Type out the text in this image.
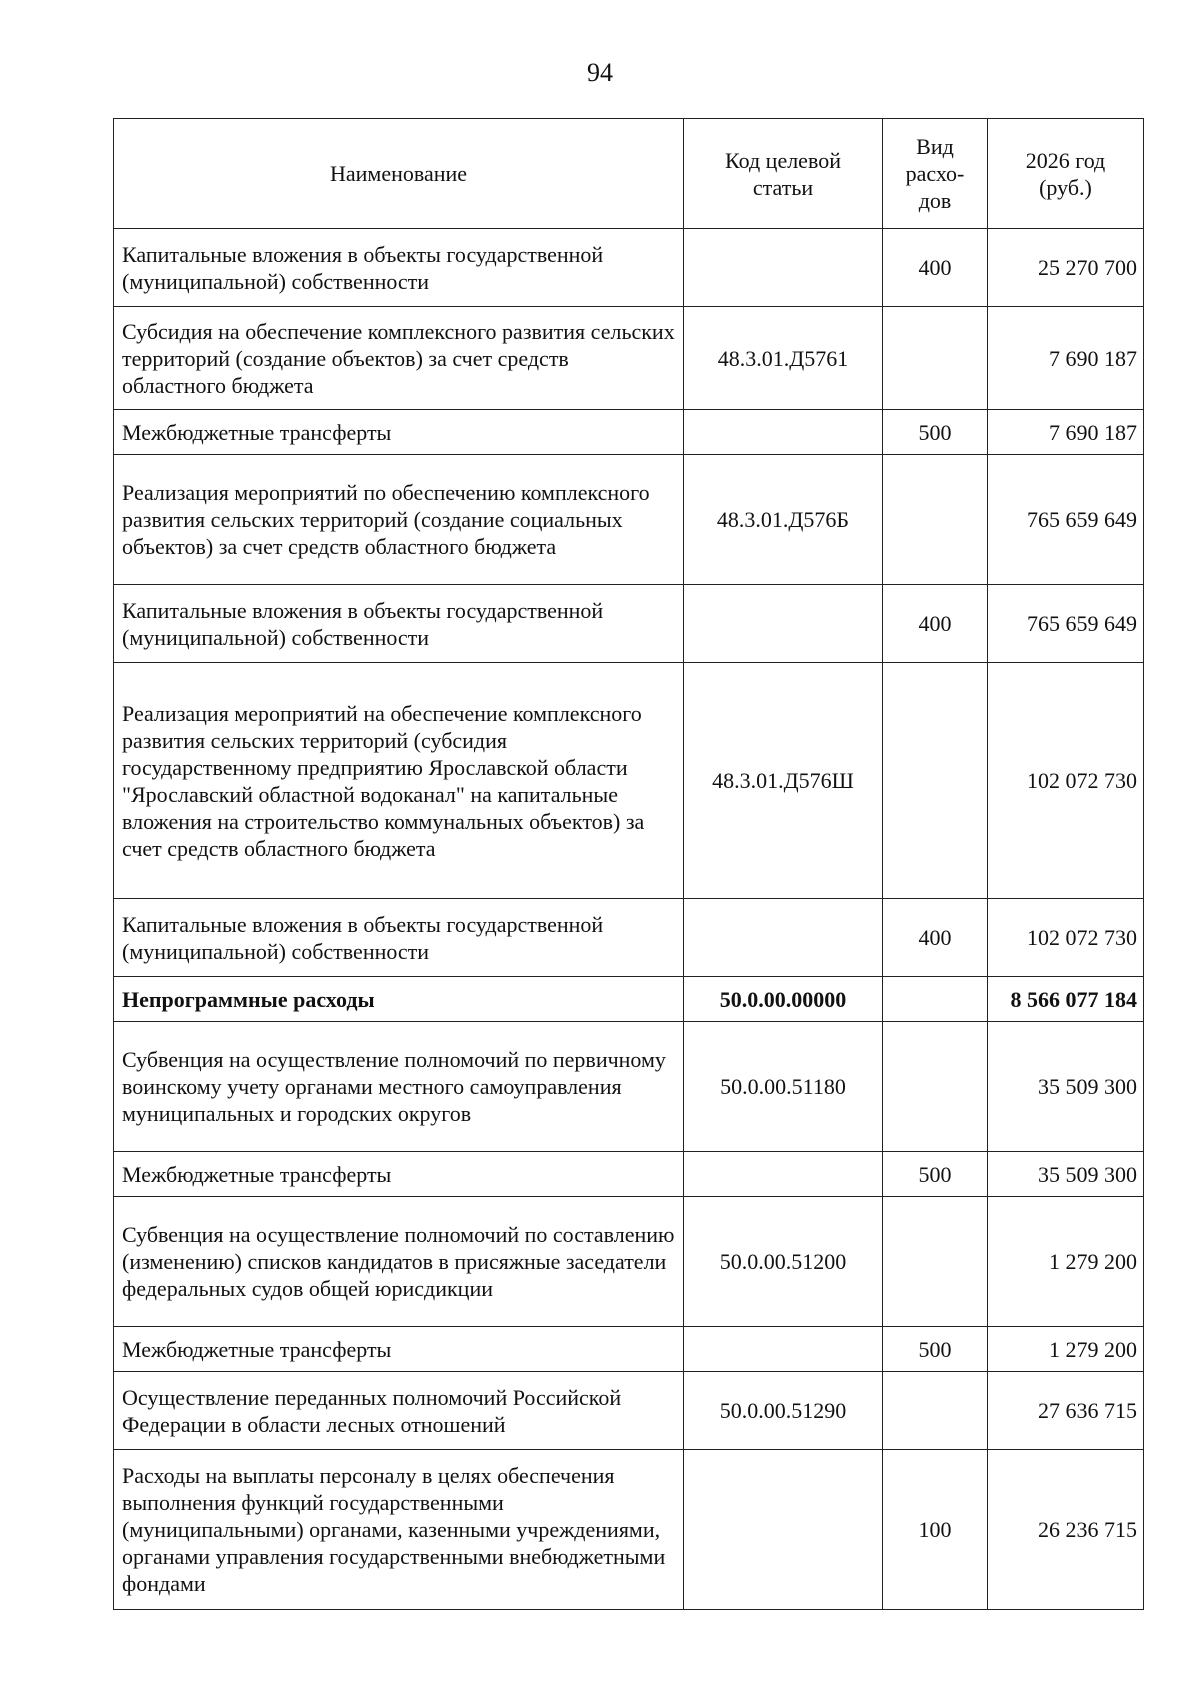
94
Наименование	Код целевой статьи	Вид расхо-дов	2026 год (руб.)
Капитальные вложения в объекты государственной (муниципальной) собственности		400	25 270 700
Субсидия на обеспечение комплексного развития сельских территорий (создание объектов) за счет средств областного бюджета	48.3.01.Д5761		7 690 187
Межбюджетные трансферты		500	7 690 187
Реализация мероприятий по обеспечению комплексного развития сельских территорий (создание социальных объектов) за счет средств областного бюджета	48.3.01.Д576Б		765 659 649
Капитальные вложения в объекты государственной (муниципальной) собственности		400	765 659 649
Реализация мероприятий на обеспечение комплексного развития сельских территорий (субсидия государственному предприятию Ярославской области "Ярославский областной водоканал" на капитальные вложения на строительство коммунальных объектов) за счет средств областного бюджета	48.3.01.Д576Ш		102 072 730
Капитальные вложения в объекты государственной (муниципальной) собственности		400	102 072 730
Непрограммные расходы	50.0.00.00000		8 566 077 184
Субвенция на осуществление полномочий по первичному воинскому учету органами местного самоуправления муниципальных и городских округов	50.0.00.51180		35 509 300
Межбюджетные трансферты		500	35 509 300
Субвенция на осуществление полномочий по составлению (изменению) списков кандидатов в присяжные заседатели федеральных судов общей юрисдикции	50.0.00.51200		1 279 200
Межбюджетные трансферты		500	1 279 200
Осуществление переданных полномочий Российской Федерации в области лесных отношений	50.0.00.51290		27 636 715
Расходы на выплаты персоналу в целях обеспечения выполнения функций государственными (муниципальными) органами, казенными учреждениями, органами управления государственными внебюджетными фондами		100	26 236 715
